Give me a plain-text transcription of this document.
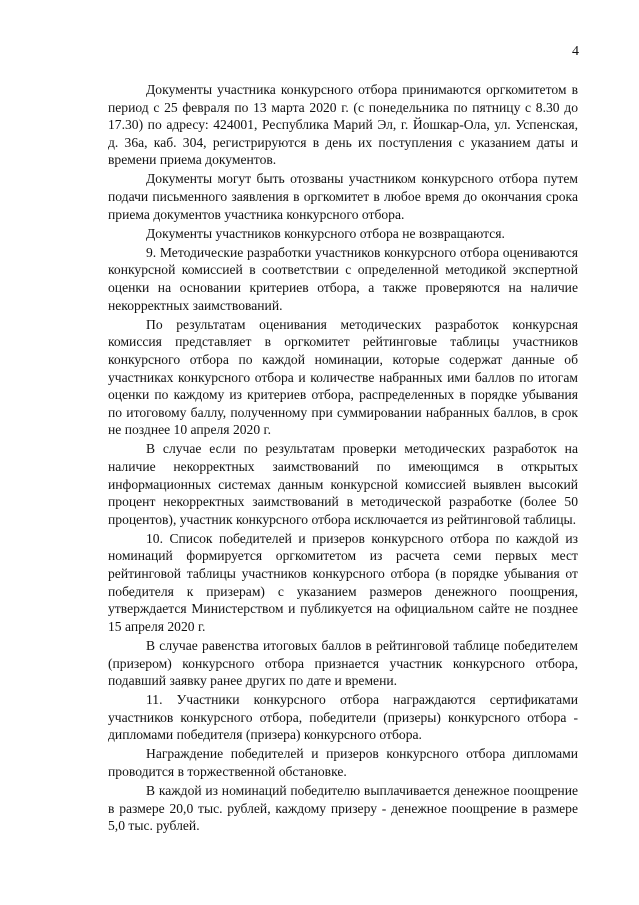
4

Документы участника конкурсного отбора принимаются оргкомитетом в период с 25 февраля по 13 марта 2020 г. (с понедельника по пятницу с 8.30 до 17.30) по адресу: 424001, Республика Марий Эл, г. Йошкар-Ола, ул. Успенская, д. 36а, каб. 304, регистрируются в день их поступления с указанием даты и времени приема документов.

Документы могут быть отозваны участником конкурсного отбора путем подачи письменного заявления в оргкомитет в любое время до окончания срока приема документов участника конкурсного отбора.

Документы участников конкурсного отбора не возвращаются.

9. Методические разработки участников конкурсного отбора оцениваются конкурсной комиссией в соответствии с определенной методикой экспертной оценки на основании критериев отбора, а также проверяются на наличие некорректных заимствований.

По результатам оценивания методических разработок конкурсная комиссия представляет в оргкомитет рейтинговые таблицы участников конкурсного отбора по каждой номинации, которые содержат данные об участниках конкурсного отбора и количестве набранных ими баллов по итогам оценки по каждому из критериев отбора, распределенных в порядке убывания по итоговому баллу, полученному при суммировании набранных баллов, в срок не позднее 10 апреля 2020 г.

В случае если по результатам проверки методических разработок на наличие некорректных заимствований по имеющимся в открытых информационных системах данным конкурсной комиссией выявлен высокий процент некорректных заимствований в методической разработке (более 50 процентов), участник конкурсного отбора исключается из рейтинговой таблицы.

10. Список победителей и призеров конкурсного отбора по каждой из номинаций формируется оргкомитетом из расчета семи первых мест рейтинговой таблицы участников конкурсного отбора (в порядке убывания от победителя к призерам) с указанием размеров денежного поощрения, утверждается Министерством и публикуется на официальном сайте не позднее 15 апреля 2020 г.

В случае равенства итоговых баллов в рейтинговой таблице победителем (призером) конкурсного отбора признается участник конкурсного отбора, подавший заявку ранее других по дате и времени.

11. Участники конкурсного отбора награждаются сертификатами участников конкурсного отбора, победители (призеры) конкурсного отбора - дипломами победителя (призера) конкурсного отбора.

Награждение победителей и призеров конкурсного отбора дипломами проводится в торжественной обстановке.

В каждой из номинаций победителю выплачивается денежное поощрение в размере 20,0 тыс. рублей, каждому призеру - денежное поощрение в размере 5,0 тыс. рублей.
